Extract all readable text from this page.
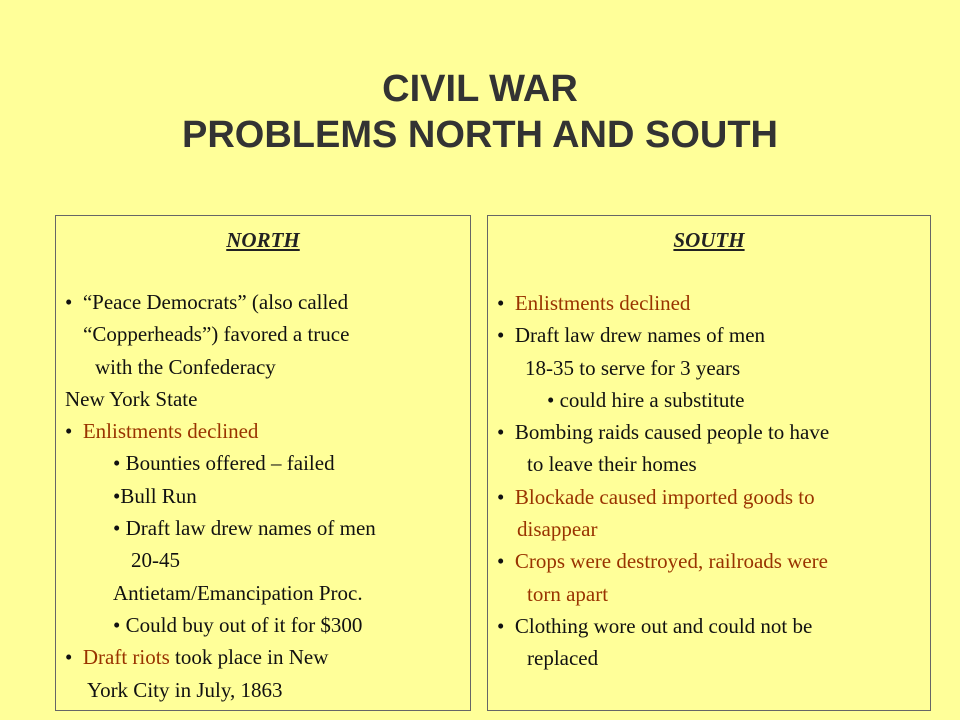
CIVIL WAR
PROBLEMS NORTH AND SOUTH
NORTH
•  “Peace Democrats” (also called
“Copperheads”) favored a truce
with the Confederacy
New York State
•  Enlistments declined
• Bounties offered – failed
•Bull Run
• Draft law drew names of men
20-45
Antietam/Emancipation Proc.
• Could buy out of it for $300
•  Draft riots took place in New
York City in July, 1863
SOUTH
•  Enlistments declined
•  Draft law drew names of men
18-35 to serve for 3 years
• could hire a substitute
•  Bombing raids caused people to have
to leave their homes
•  Blockade caused imported goods to
disappear
•  Crops were destroyed, railroads were
torn apart
•  Clothing wore out and could not be
replaced
